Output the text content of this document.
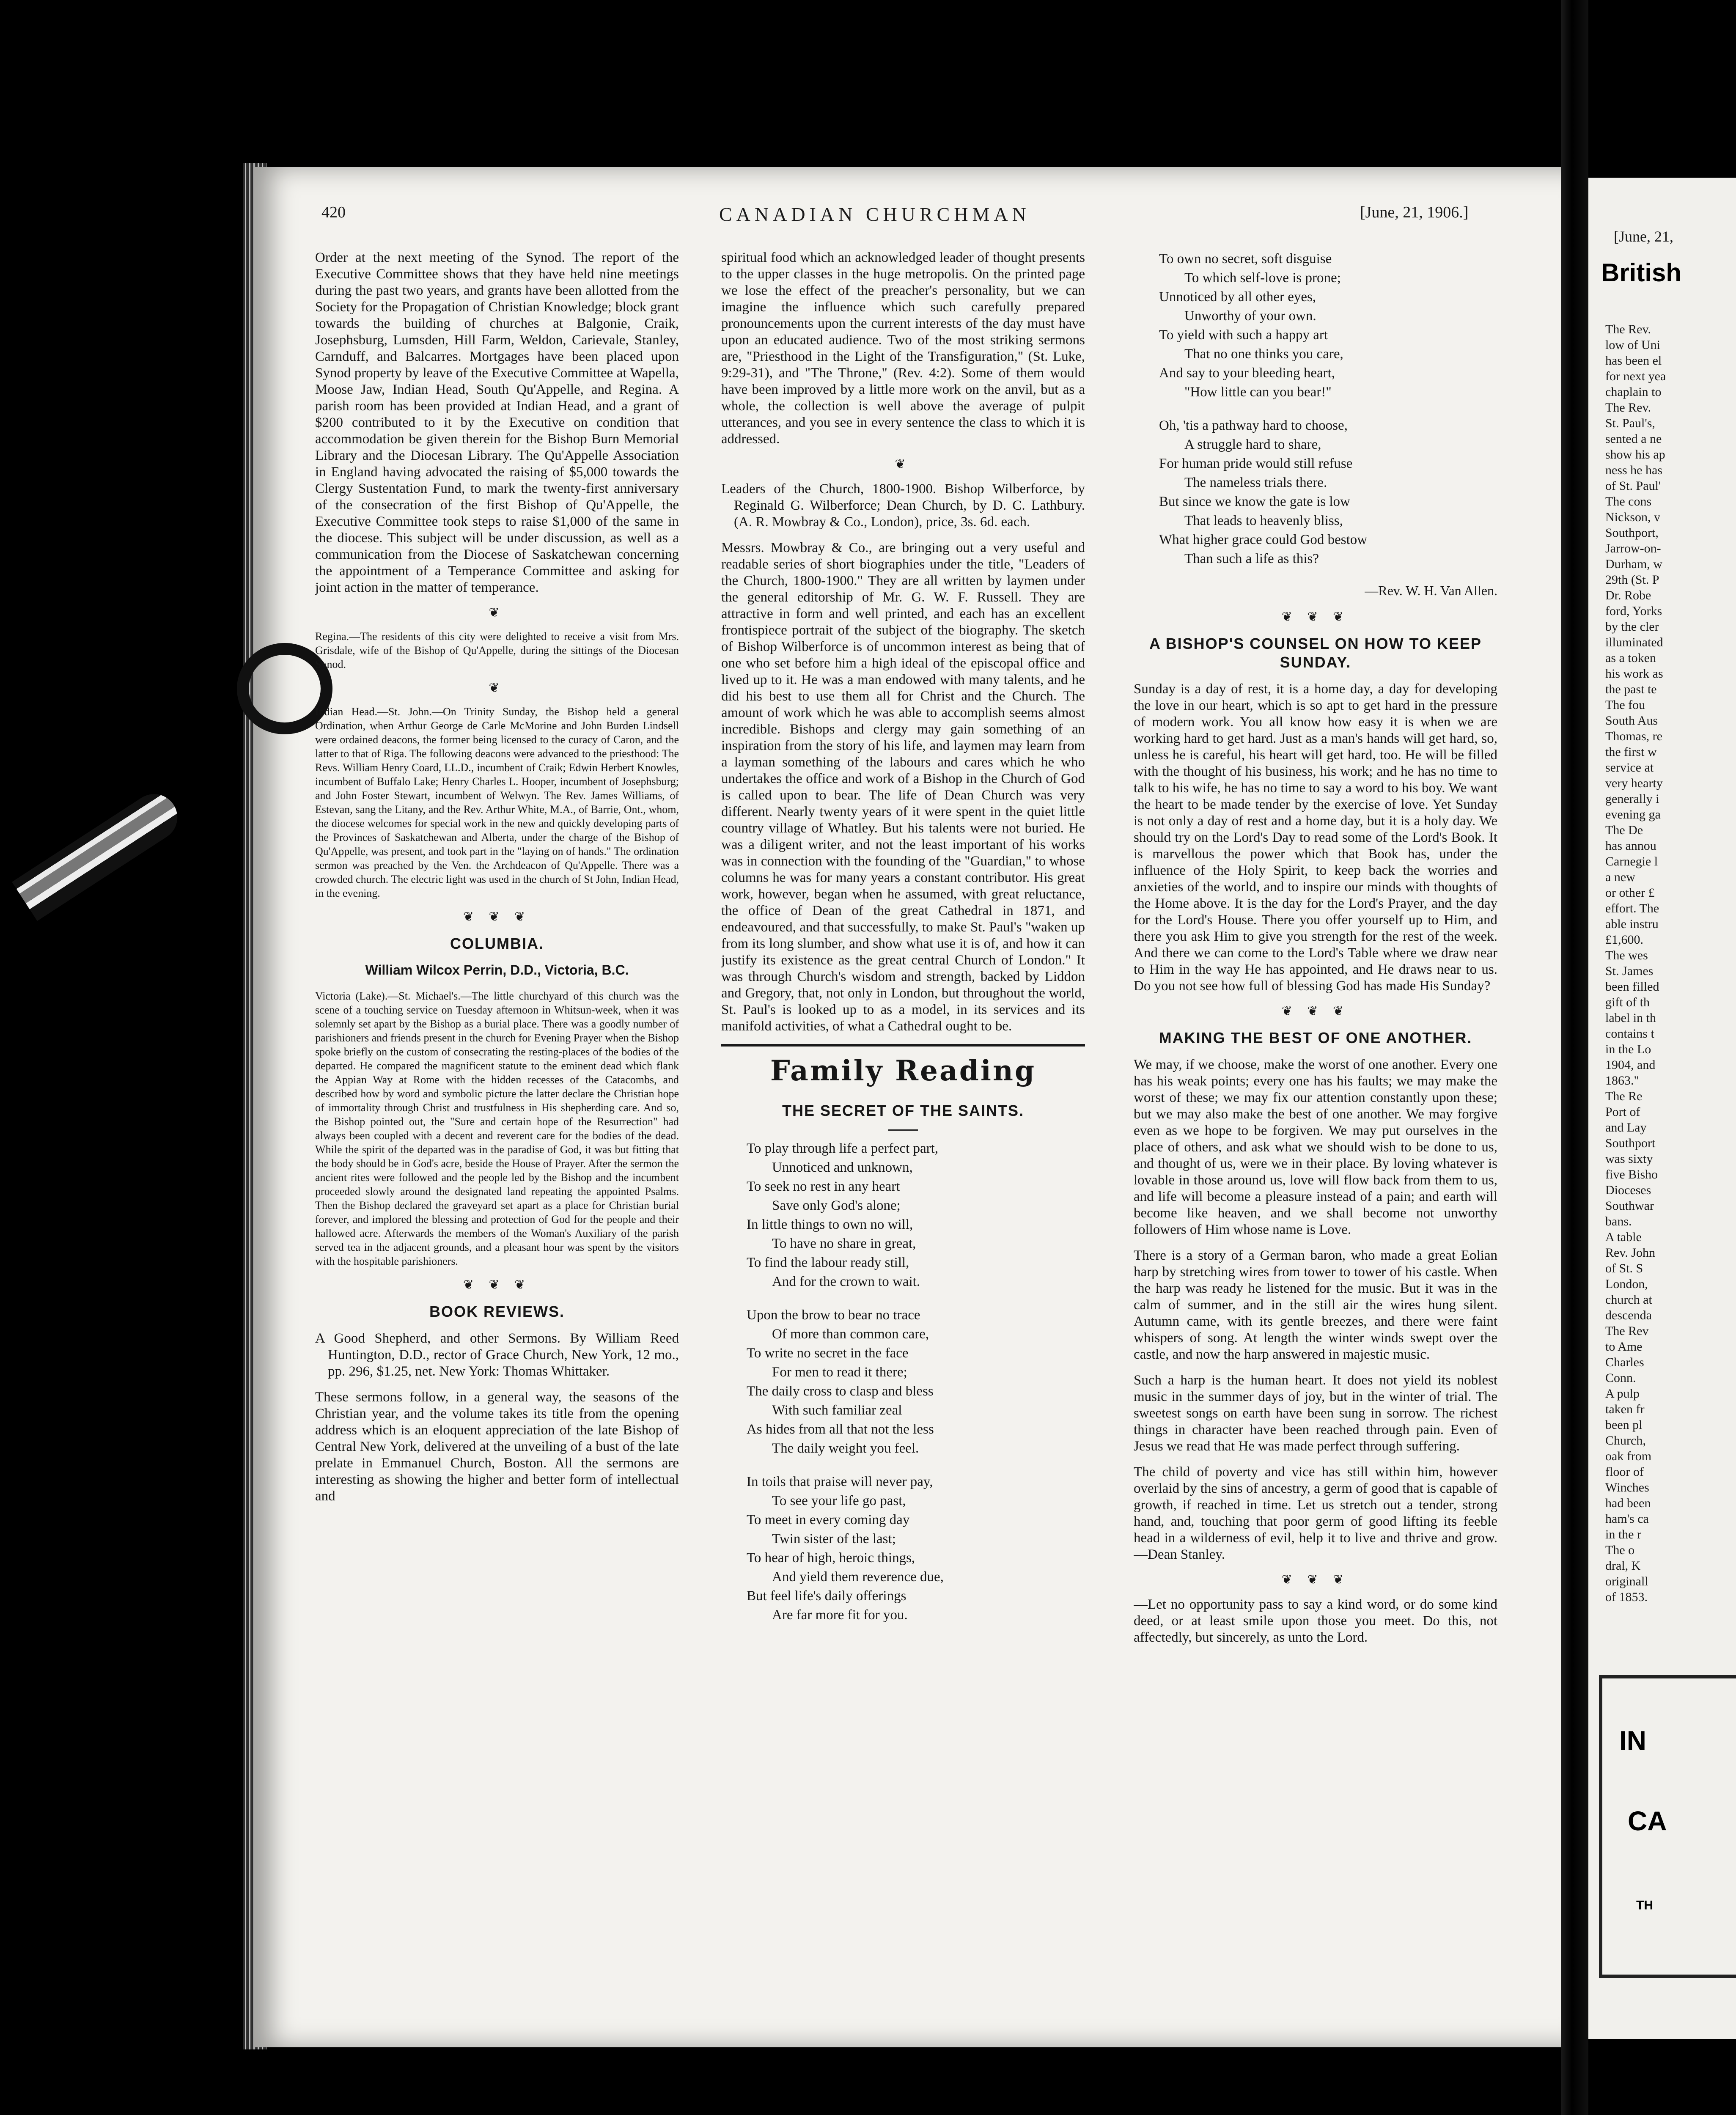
420	CANADIAN CHURCHMAN	[June, 21, 1906.]

Order at the next meeting of the Synod. The report of the Executive Committee shows that they have held nine meetings during the past two years, and grants have been allotted from the Society for the Propagation of Christian Knowledge; block grant towards the building of churches at Balgonie, Craik, Josephsburg, Lumsden, Hill Farm, Weldon, Carievale, Stanley, Carnduff, and Balcarres. Mortgages have been placed upon Synod property by leave of the Executive Committee at Wapella, Moose Jaw, Indian Head, South Qu'Appelle, and Regina. A parish room has been provided at Indian Head, and a grant of $200 contributed to it by the Executive on condition that accommodation be given therein for the Bishop Burn Memorial Library and the Diocesan Library. The Qu'Appelle Association in England having advocated the raising of $5,000 towards the Clergy Sustentation Fund, to mark the twenty-first anniversary of the consecration of the first Bishop of Qu'Appelle, the Executive Committee took steps to raise $1,000 of the same in the diocese. This subject will be under discussion, as well as a communication from the Diocese of Saskatchewan concerning the appointment of a Temperance Committee and asking for joint action in the matter of temperance.

❦

Regina.—The residents of this city were delighted to receive a visit from Mrs. Grisdale, wife of the Bishop of Qu'Appelle, during the sittings of the Diocesan Synod.

❦

Indian Head.—St. John.—On Trinity Sunday, the Bishop held a general Ordination, when Arthur George de Carle McMorine and John Burden Lindsell were ordained deacons, the former being licensed to the curacy of Caron, and the latter to that of Riga. The following deacons were advanced to the priesthood: The Revs. William Henry Coard, LL.D., incumbent of Craik; Edwin Herbert Knowles, incumbent of Buffalo Lake; Henry Charles L. Hooper, incumbent of Josephsburg; and John Foster Stewart, incumbent of Welwyn. The Rev. James Williams, of Estevan, sang the Litany, and the Rev. Arthur White, M.A., of Barrie, Ont., whom, the diocese welcomes for special work in the new and quickly developing parts of the Provinces of Saskatchewan and Alberta, under the charge of the Bishop of Qu'Appelle, was present, and took part in the "laying on of hands." The ordination sermon was preached by the Ven. the Archdeacon of Qu'Appelle. There was a crowded church. The electric light was used in the church of St John, Indian Head, in the evening.

❦ ❦ ❦
COLUMBIA.
William Wilcox Perrin, D.D., Victoria, B.C.

Victoria (Lake).—St. Michael's.—The little churchyard of this church was the scene of a touching service on Tuesday afternoon in Whitsun-week, when it was solemnly set apart by the Bishop as a burial place. There was a goodly number of parishioners and friends present in the church for Evening Prayer when the Bishop spoke briefly on the custom of consecrating the resting-places of the bodies of the departed. He compared the magnificent statute to the eminent dead which flank the Appian Way at Rome with the hidden recesses of the Catacombs, and described how by word and symbolic picture the latter declare the Christian hope of immortality through Christ and trustfulness in His shepherding care. And so, the Bishop pointed out, the "Sure and certain hope of the Resurrection" had always been coupled with a decent and reverent care for the bodies of the dead. While the spirit of the departed was in the paradise of God, it was but fitting that the body should be in God's acre, beside the House of Prayer. After the sermon the ancient rites were followed and the people led by the Bishop and the incumbent proceeded slowly around the designated land repeating the appointed Psalms. Then the Bishop declared the graveyard set apart as a place for Christian burial forever, and implored the blessing and protection of God for the people and their hallowed acre. Afterwards the members of the Woman's Auxiliary of the parish served tea in the adjacent grounds, and a pleasant hour was spent by the visitors with the hospitable parishioners.

❦ ❦ ❦
BOOK REVIEWS.

A Good Shepherd, and other Sermons. By William Reed Huntington, D.D., rector of Grace Church, New York, 12 mo., pp. 296, $1.25, net. New York: Thomas Whittaker.

These sermons follow, in a general way, the seasons of the Christian year, and the volume takes its title from the opening address which is an eloquent appreciation of the late Bishop of Central New York, delivered at the unveiling of a bust of the late prelate in Emmanuel Church, Boston. All the sermons are interesting as showing the higher and better form of intellectual and

spiritual food which an acknowledged leader of thought presents to the upper classes in the huge metropolis. On the printed page we lose the effect of the preacher's personality, but we can imagine the influence which such carefully prepared pronouncements upon the current interests of the day must have upon an educated audience. Two of the most striking sermons are, "Priesthood in the Light of the Transfiguration," (St. Luke, 9:29-31), and "The Throne," (Rev. 4:2). Some of them would have been improved by a little more work on the anvil, but as a whole, the collection is well above the average of pulpit utterances, and you see in every sentence the class to which it is addressed.

❦

Leaders of the Church, 1800-1900. Bishop Wilberforce, by Reginald G. Wilberforce; Dean Church, by D. C. Lathbury. (A. R. Mowbray & Co., London), price, 3s. 6d. each.

Messrs. Mowbray & Co., are bringing out a very useful and readable series of short biographies under the title, "Leaders of the Church, 1800-1900." They are all written by laymen under the general editorship of Mr. G. W. F. Russell. They are attractive in form and well printed, and each has an excellent frontispiece portrait of the subject of the biography. The sketch of Bishop Wilberforce is of uncommon interest as being that of one who set before him a high ideal of the episcopal office and lived up to it. He was a man endowed with many talents, and he did his best to use them all for Christ and the Church. The amount of work which he was able to accomplish seems almost incredible. Bishops and clergy may gain something of an inspiration from the story of his life, and laymen may learn from a layman something of the labours and cares which he who undertakes the office and work of a Bishop in the Church of God is called upon to bear. The life of Dean Church was very different. Nearly twenty years of it were spent in the quiet little country village of Whatley. But his talents were not buried. He was a diligent writer, and not the least important of his works was in connection with the founding of the "Guardian," to whose columns he was for many years a constant contributor. His great work, however, began when he assumed, with great reluctance, the office of Dean of the great Cathedral in 1871, and endeavoured, and that successfully, to make St. Paul's "waken up from its long slumber, and show what use it is of, and how it can justify its existence as the great central Church of London." It was through Church's wisdom and strength, backed by Liddon and Gregory, that, not only in London, but throughout the world, St. Paul's is looked up to as a model, in its services and its manifold activities, of what a Cathedral ought to be.

Family Reading
THE SECRET OF THE SAINTS.
To play through life a perfect part,
Unnoticed and unknown,
To seek no rest in any heart
Save only God's alone;
In little things to own no will,
To have no share in great,
To find the labour ready still,
And for the crown to wait.
Upon the brow to bear no trace
Of more than common care,
To write no secret in the face
For men to read it there;
The daily cross to clasp and bless
With such familiar zeal
As hides from all that not the less
The daily weight you feel.
In toils that praise will never pay,
To see your life go past,
To meet in every coming day
Twin sister of the last;
To hear of high, heroic things,
And yield them reverence due,
But feel life's daily offerings
Are far more fit for you.
To own no secret, soft disguise
To which self-love is prone;
Unnoticed by all other eyes,
Unworthy of your own.
To yield with such a happy art
That no one thinks you care,
And say to your bleeding heart,
"How little can you bear!"
Oh, 'tis a pathway hard to choose,
A struggle hard to share,
For human pride would still refuse
The nameless trials there.
But since we know the gate is low
That leads to heavenly bliss,
What higher grace could God bestow
Than such a life as this?
—Rev. W. H. Van Allen.
❦ ❦ ❦
A BISHOP'S COUNSEL ON HOW TO KEEP SUNDAY.

Sunday is a day of rest, it is a home day, a day for developing the love in our heart, which is so apt to get hard in the pressure of modern work. You all know how easy it is when we are working hard to get hard. Just as a man's hands will get hard, so, unless he is careful, his heart will get hard, too. He will be filled with the thought of his business, his work; and he has no time to talk to his wife, he has no time to say a word to his boy. We want the heart to be made tender by the exercise of love. Yet Sunday is not only a day of rest and a home day, but it is a holy day. We should try on the Lord's Day to read some of the Lord's Book. It is marvellous the power which that Book has, under the influence of the Holy Spirit, to keep back the worries and anxieties of the world, and to inspire our minds with thoughts of the Home above. It is the day for the Lord's Prayer, and the day for the Lord's House. There you offer yourself up to Him, and there you ask Him to give you strength for the rest of the week. And there we can come to the Lord's Table where we draw near to Him in the way He has appointed, and He draws near to us. Do you not see how full of blessing God has made His Sunday?

❦ ❦ ❦
MAKING THE BEST OF ONE ANOTHER.

We may, if we choose, make the worst of one another. Every one has his weak points; every one has his faults; we may make the worst of these; we may fix our attention constantly upon these; but we may also make the best of one another. We may forgive even as we hope to be forgiven. We may put ourselves in the place of others, and ask what we should wish to be done to us, and thought of us, were we in their place. By loving whatever is lovable in those around us, love will flow back from them to us, and life will become a pleasure instead of a pain; and earth will become like heaven, and we shall become not unworthy followers of Him whose name is Love.

There is a story of a German baron, who made a great Eolian harp by stretching wires from tower to tower of his castle. When the harp was ready he listened for the music. But it was in the calm of summer, and in the still air the wires hung silent. Autumn came, with its gentle breezes, and there were faint whispers of song. At length the winter winds swept over the castle, and now the harp answered in majestic music.

Such a harp is the human heart. It does not yield its noblest music in the summer days of joy, but in the winter of trial. The sweetest songs on earth have been sung in sorrow. The richest things in character have been reached through pain. Even of Jesus we read that He was made perfect through suffering.

The child of poverty and vice has still within him, however overlaid by the sins of ancestry, a germ of good that is capable of growth, if reached in time. Let us stretch out a tender, strong hand, and, touching that poor germ of good lifting its feeble head in a wilderness of evil, help it to live and thrive and grow.—Dean Stanley.

❦ ❦ ❦

—Let no opportunity pass to say a kind word, or do some kind deed, or at least smile upon those you meet. Do this, not affectedly, but sincerely, as unto the Lord.

[June, 21,
British
The Rev.
low of Uni
has been el
for next yea
chaplain to
The Rev.
St. Paul's,
sented a ne
show his ap
ness he has
of St. Paul'
The cons
Nickson, v
Southport,
Jarrow-on-
Durham, w
29th (St. P
Dr. Robe
ford, Yorks
by the cler
illuminated
as a token
his work as
the past te
The fou
South Aus
Thomas, re
the first w
service at
very hearty
generally i
evening ga
The De
has annou
Carnegie l
a new
or other £
effort. The
able instru
£1,600.
The wes
St. James
been filled
gift of th
label in th
contains t
in the Lo
1904, and
1863."
The Re
Port of
and Lay
Southport
was sixty
five Bisho
Dioceses
Southwar
bans.
A table
Rev. John
of St. S
London,
church at
descenda
The Rev
to Ame
Charles
Conn.
A pulp
taken fr
been pl
Church,
oak from
floor of
Winches
had been
ham's ca
in the r
The o
dral, K
originall
of 1853.
IN
CA
TH
